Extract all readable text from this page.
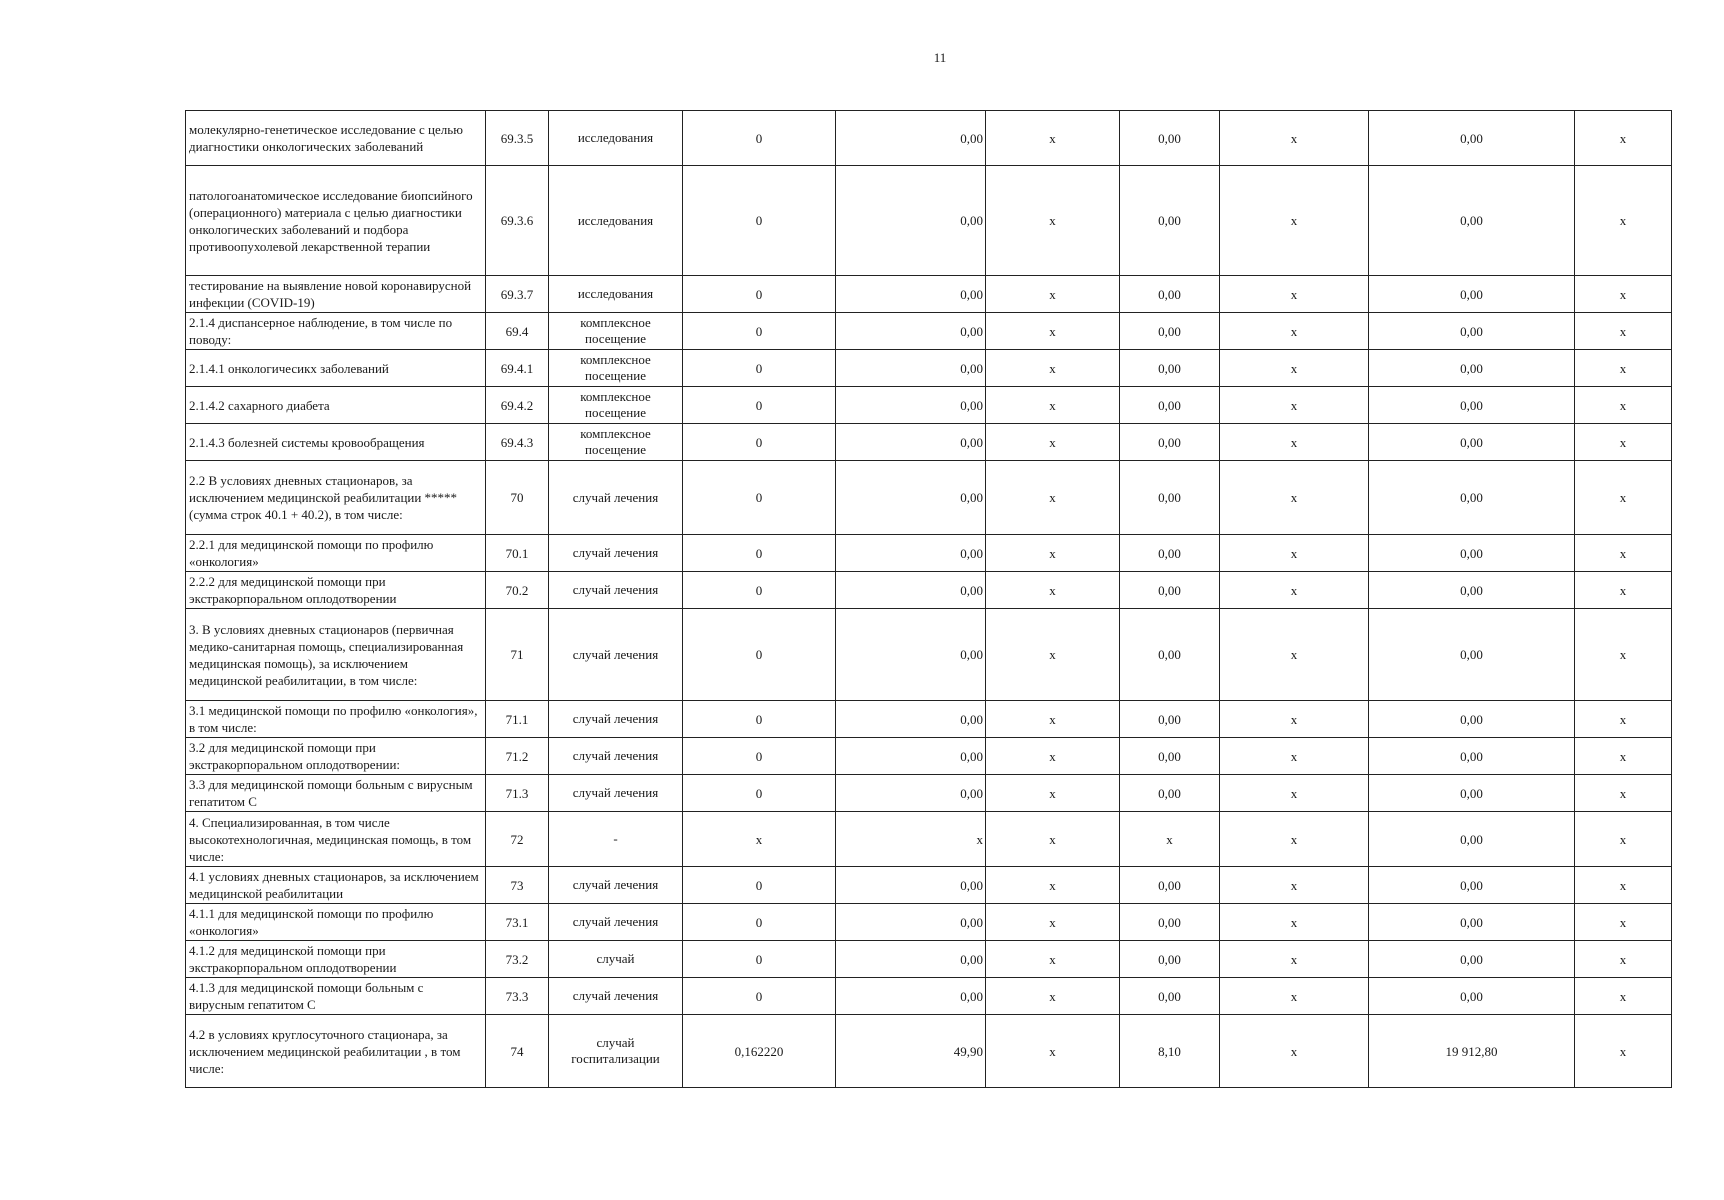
11
молекулярно-генетическое исследование с целью диагностики онкологических заболеваний	69.3.5	исследования	0	0,00	х	0,00	х	0,00	х
патологоанатомическое исследование биопсийного (операционного) материала с целью диагностики онкологических заболеваний и подбора противоопухолевой лекарственной терапии	69.3.6	исследования	0	0,00	х	0,00	х	0,00	х
тестирование на выявление новой коронавирусной инфекции (COVID-19)	69.3.7	исследования	0	0,00	х	0,00	х	0,00	х
2.1.4 диспансерное наблюдение, в том числе по поводу:	69.4	комплексное посещение	0	0,00	х	0,00	х	0,00	х
2.1.4.1 онкологичесикх заболеваний	69.4.1	комплексное посещение	0	0,00	х	0,00	х	0,00	х
2.1.4.2 сахарного диабета	69.4.2	комплексное посещение	0	0,00	х	0,00	х	0,00	х
2.1.4.3 болезней системы кровообращения	69.4.3	комплексное посещение	0	0,00	х	0,00	х	0,00	х
2.2 В условиях дневных стационаров, за исключением медицинской реабилитации ***** (сумма строк 40.1 + 40.2), в том числе:	70	случай лечения	0	0,00	х	0,00	х	0,00	х
2.2.1 для медицинской помощи по профилю «онкология»	70.1	случай лечения	0	0,00	х	0,00	х	0,00	х
2.2.2 для медицинской помощи при экстракорпоральном оплодотворении	70.2	случай лечения	0	0,00	х	0,00	х	0,00	х
3. В условиях дневных стационаров (первичная медико-санитарная помощь, специализированная медицинская помощь), за исключением медицинской реабилитации, в том числе:	71	случай лечения	0	0,00	х	0,00	х	0,00	х
3.1 медицинской помощи по профилю «онкология», в том числе:	71.1	случай лечения	0	0,00	х	0,00	х	0,00	х
3.2 для медицинской помощи при экстракорпоральном оплодотворении:	71.2	случай лечения	0	0,00	х	0,00	х	0,00	х
3.3 для медицинской помощи больным с вирусным гепатитом С	71.3	случай лечения	0	0,00	х	0,00	х	0,00	х
4. Специализированная, в том числе высокотехнологичная, медицинская помощь, в том числе:	72	-	х	х	х	х	х	0,00	х
4.1 условиях дневных стационаров, за исключением медицинской реабилитации	73	случай лечения	0	0,00	х	0,00	х	0,00	х
4.1.1 для медицинской помощи по профилю «онкология»	73.1	случай лечения	0	0,00	х	0,00	х	0,00	х
4.1.2 для медицинской помощи при экстракорпоральном оплодотворении	73.2	случай	0	0,00	х	0,00	х	0,00	х
4.1.3 для медицинской помощи больным с вирусным гепатитом С	73.3	случай лечения	0	0,00	х	0,00	х	0,00	х
4.2 в условиях круглосуточного стационара, за исключением медицинской реабилитации , в том числе:	74	случай госпитализации	0,162220	49,90	х	8,10	х	19 912,80	х
